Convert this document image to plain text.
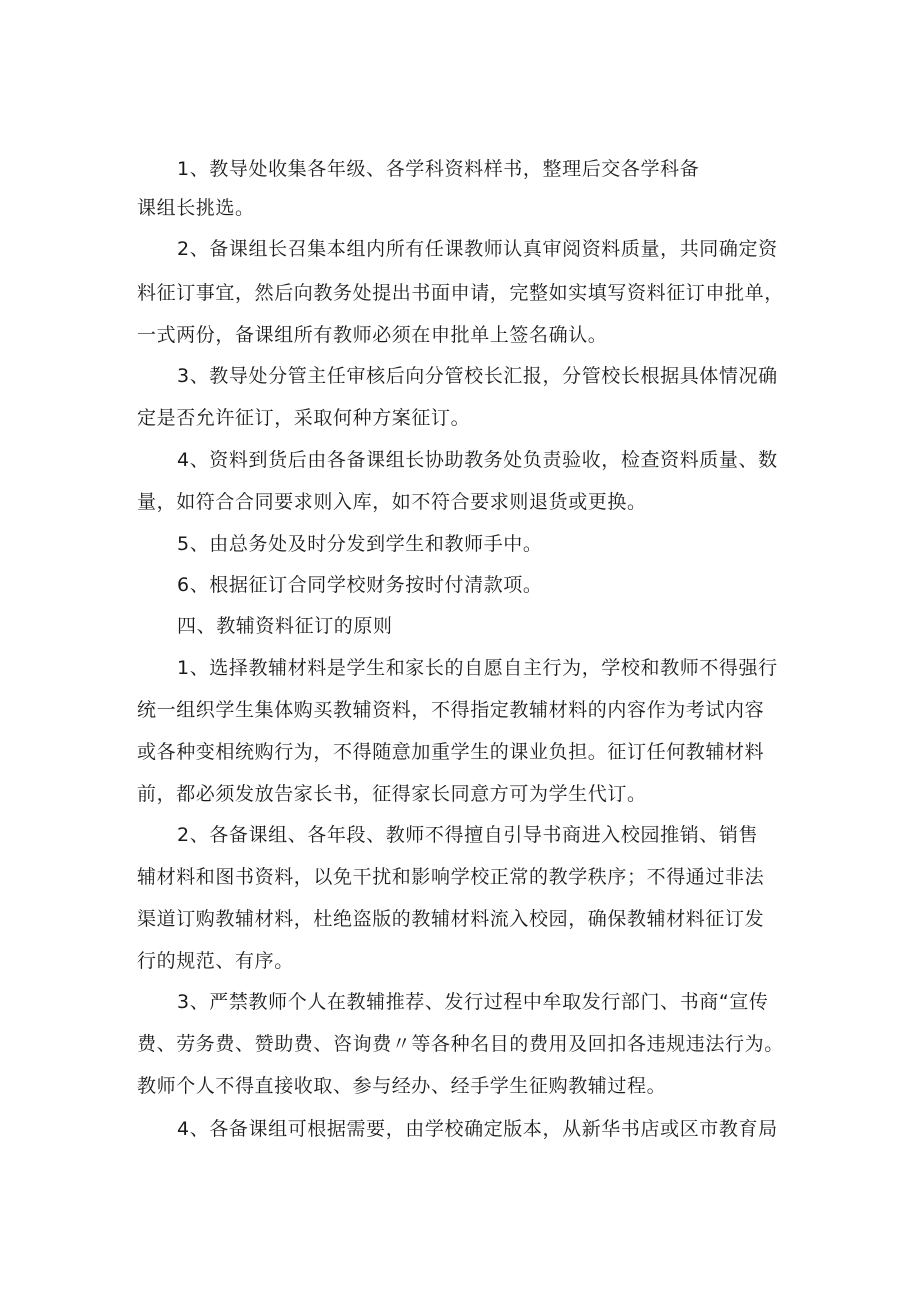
1、教导处收集各年级、各学科资料样书，整理后交各学科备
课组长挑选。
2、备课组长召集本组内所有任课教师认真审阅资料质量，共同确定资
料征订事宜，然后向教务处提出书面申请，完整如实填写资料征订申批单，
一式两份，备课组所有教师必须在申批单上签名确认。
3、教导处分管主任审核后向分管校长汇报，分管校长根据具体情况确
定是否允许征订，采取何种方案征订。
4、资料到货后由各备课组长协助教务处负责验收，检查资料质量、数
量，如符合合同要求则入库，如不符合要求则退货或更换。
5、由总务处及时分发到学生和教师手中。
6、根据征订合同学校财务按时付清款项。
四、教辅资料征订的原则
1、选择教辅材料是学生和家长的自愿自主行为，学校和教师不得强行
统一组织学生集体购买教辅资料，不得指定教辅材料的内容作为考试内容
或各种变相统购行为，不得随意加重学生的课业负担。征订任何教辅材料
前，都必须发放告家长书，征得家长同意方可为学生代订。
2、各备课组、各年段、教师不得擅自引导书商进入校园推销、销售
辅材料和图书资料，以免干扰和影响学校正常的教学秩序；不得通过非法
渠道订购教辅材料，杜绝盗版的教辅材料流入校园，确保教辅材料征订发
行的规范、有序。
3、严禁教师个人在教辅推荐、发行过程中牟取发行部门、书商“宣传
费、劳务费、赞助费、咨询费〃等各种名目的费用及回扣各违规违法行为。
教师个人不得直接收取、参与经办、经手学生征购教辅过程。
4、各备课组可根据需要，由学校确定版本，从新华书店或区市教育局
